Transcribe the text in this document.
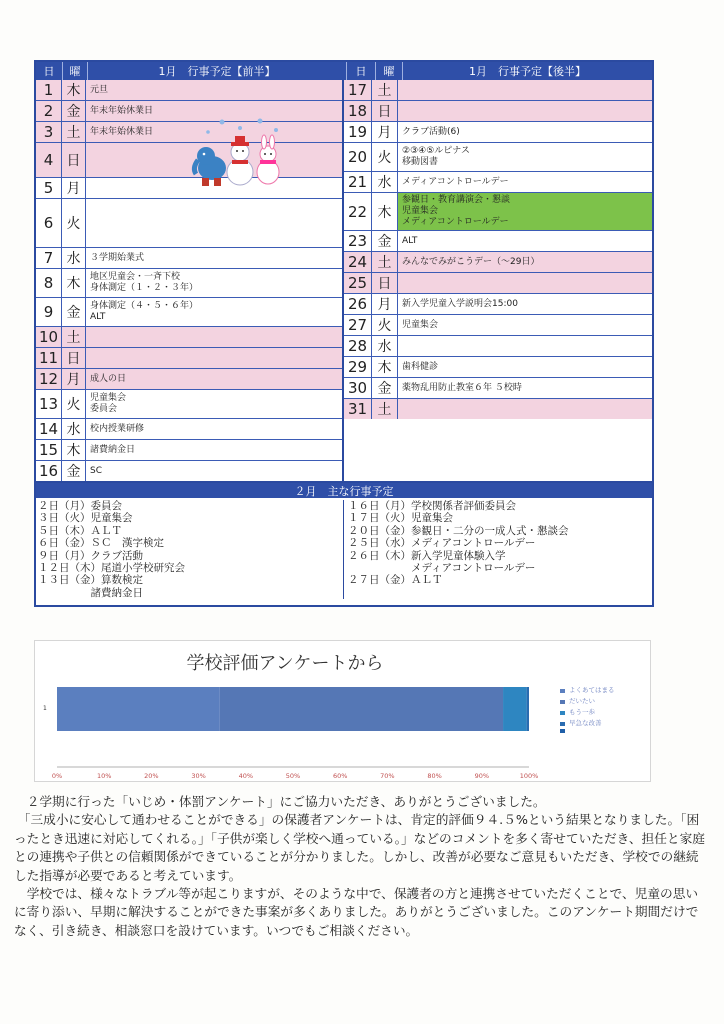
日	曜	1月　行事予定【前半】	日	曜	1月　行事予定【後半】
1 木	元旦
2 金	年末年始休業日
3 土	年末年始休業日
4 日
5 月
6 火
7 水	３学期始業式
8 木	地区児童会・一斉下校
身体測定（１・２・３年）
9 金	身体測定（４・５・６年）
ALT
10 土
11 日
12 月	成人の日
13 火	児童集会
委員会
14 水	校内授業研修
15 木	諸費納金日
16 金	SC
17 土
18 日
19 月	クラブ活動(6)
20 火	②③④⑤ルピナス
移動図書
21 水	メディアコントロールデー
22 木
参観日・教育講演会・懇談
児童集会
メディアコントロールデー
23 金	ALT
24 土	みんなでみがこうデー（～29日）
25 日
26 月	新入学児童入学説明会15:00
27 火	児童集会
28 水
29 木	歯科健診
30 金	薬物乱用防止教室６年 ５校時
31 土
２月　主な行事予定
２日（月）委員会
３日（火）児童集会
５日（木）ＡＬＴ
６日（金）ＳＣ　漢字検定
９日（月）クラブ活動
１２日（木）尾道小学校研究会
１３日（金）算数検定
　　　　　諸費納金日
１６日（月）学校関係者評価委員会
１７日（火）児童集会
２０日（金）参観日・二分の一成人式・懇談会
２５日（水）メディアコントロールデー
２６日（木）新入学児童体験入学
　　　　　　メディアコントロールデー
２７日（金）ＡＬＴ
学校評価アンケートから
1
0%	10%	20%	30%	40%	50%	60%	70%	80%	90%	100%
よくあてはまる
だいたい
もう一歩
早急な改善

２学期に行った「いじめ・体罰アンケート」にご協力いただき、ありがとうございました。

「三成小に安心して通わせることができる」の保護者アンケートは、肯定的評価９４.５%という結果となりました。「困ったとき迅速に対応してくれる。」「子供が楽しく学校へ通っている。」などのコメントを多く寄せていただき、担任と家庭との連携や子供との信頼関係ができていることが分かりました。しかし、改善が必要なご意見もいただき、学校での継続した指導が必要であると考えています。

学校では、様々なトラブル等が起こりますが、そのような中で、保護者の方と連携させていただくことで、児童の思いに寄り添い、早期に解決することができた事案が多くありました。ありがとうございました。このアンケート期間だけでなく、引き続き、相談窓口を設けています。いつでもご相談ください。
